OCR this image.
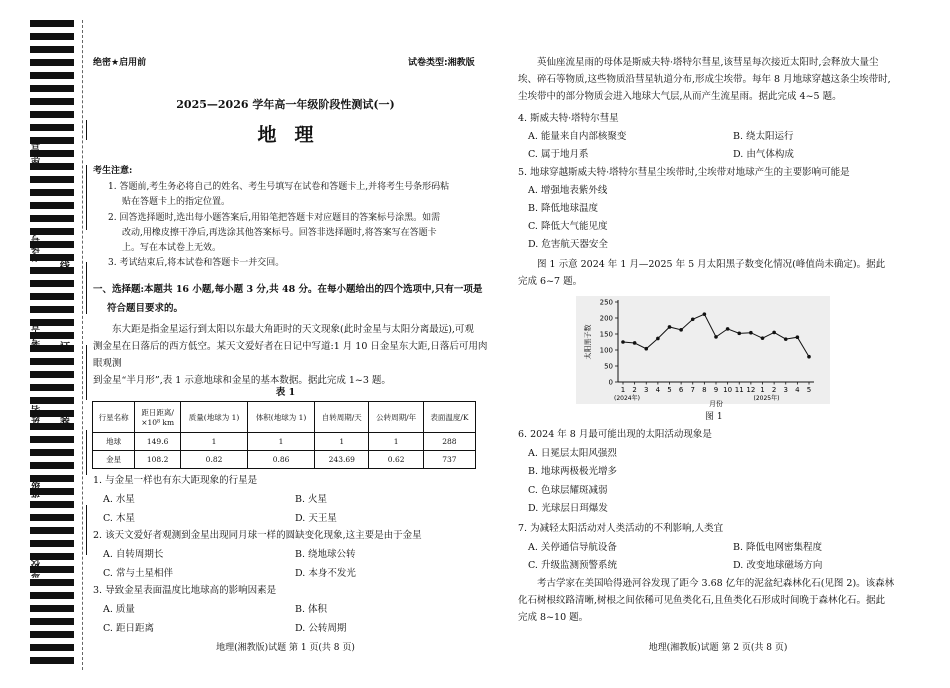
座位号
考场号
考生号
姓名
班级
学校
线
订
装
绝密★启用前	试卷类型:湘教版
2025—2026 学年高一年级阶段性测试(一)
地理
考生注意:
1. 答题前,考生务必将自己的姓名、考生号填写在试卷和答题卡上,并将考生号条形码粘
贴在答题卡上的指定位置。
2. 回答选择题时,选出每小题答案后,用铅笔把答题卡对应题目的答案标号涂黑。如需
改动,用橡皮擦干净后,再选涂其他答案标号。回答非选择题时,将答案写在答题卡
上。写在本试卷上无效。
3. 考试结束后,将本试卷和答题卡一并交回。
一、选择题:本题共 16 小题,每小题 3 分,共 48 分。在每小题给出的四个选项中,只有一项是
符合题目要求的。
东大距是指金星运行到太阳以东最大角距时的天文现象(此时金星与太阳分离最远),可观
测金星在日落后的西方低空。某天文爱好者在日记中写道:1 月 10 日金星东大距,日落后可用肉眼观测
到金星“半月形”,表 1 示意地球和金星的基本数据。据此完成 1~3 题。
表 1
行星名称	距日距离/
×10⁸ km	质量(地球为 1)	体积(地球为 1)	自转周期/天	公转周期/年	表面温度/K
地球	149.6	1	1	1	1	288
金星	108.2	0.82	0.86	243.69	0.62	737
1. 与金星一样也有东大距现象的行星是
A. 水星	B. 火星
C. 木星	D. 天王星
2. 该天文爱好者观测到金星出现同月球一样的圆缺变化现象,这主要是由于金星
A. 自转周期长	B. 绕地球公转
C. 常与土星相伴	D. 本身不发光
3. 导致金星表面温度比地球高的影响因素是
A. 质量	B. 体积
C. 距日距离	D. 公转周期
地理(湘教版)试题 第 1 页(共 8 页)
英仙座流星雨的母体是斯威夫特·塔特尔彗星,该彗星每次接近太阳时,会释放大量尘
埃、碎石等物质,这些物质沿彗星轨道分布,形成尘埃带。每年 8 月地球穿越这条尘埃带时,
尘埃带中的部分物质会进入地球大气层,从而产生流星雨。据此完成 4~5 题。
4. 斯威夫特·塔特尔彗星
A. 能量来自内部核聚变	B. 绕太阳运行
C. 属于地月系	D. 由气体构成
5. 地球穿越斯威夫特·塔特尔彗星尘埃带时,尘埃带对地球产生的主要影响可能是
A. 增强地表紫外线
B. 降低地球温度
C. 降低大气能见度
D. 危害航天器安全
图 1 示意 2024 年 1 月—2025 年 5 月太阳黑子数变化情况(峰值尚未确定)。据此
完成 6~7 题。
0
50
100
150
200
250
1 2 3 4 5 6 7 8 9 10 11 12 1 2 3 4 5
(2024年)	(2025年)
月份
太阳黑子数
图 1
6. 2024 年 8 月最可能出现的太阳活动现象是
A. 日冕层太阳风强烈
B. 地球两极极光增多
C. 色球层耀斑减弱
D. 光球层日珥爆发
7. 为减轻太阳活动对人类活动的不利影响,人类宜
A. 关停通信导航设备	B. 降低电网密集程度
C. 升级监测预警系统	D. 改变地球磁场方向
考古学家在美国哈得逊河谷发现了距今 3.68 亿年的泥盆纪森林化石(见图 2)。该森林
化石树根纹路清晰,树根之间依稀可见鱼类化石,且鱼类化石形成时间晚于森林化石。据此
完成 8~10 题。
地理(湘教版)试题 第 2 页(共 8 页)
